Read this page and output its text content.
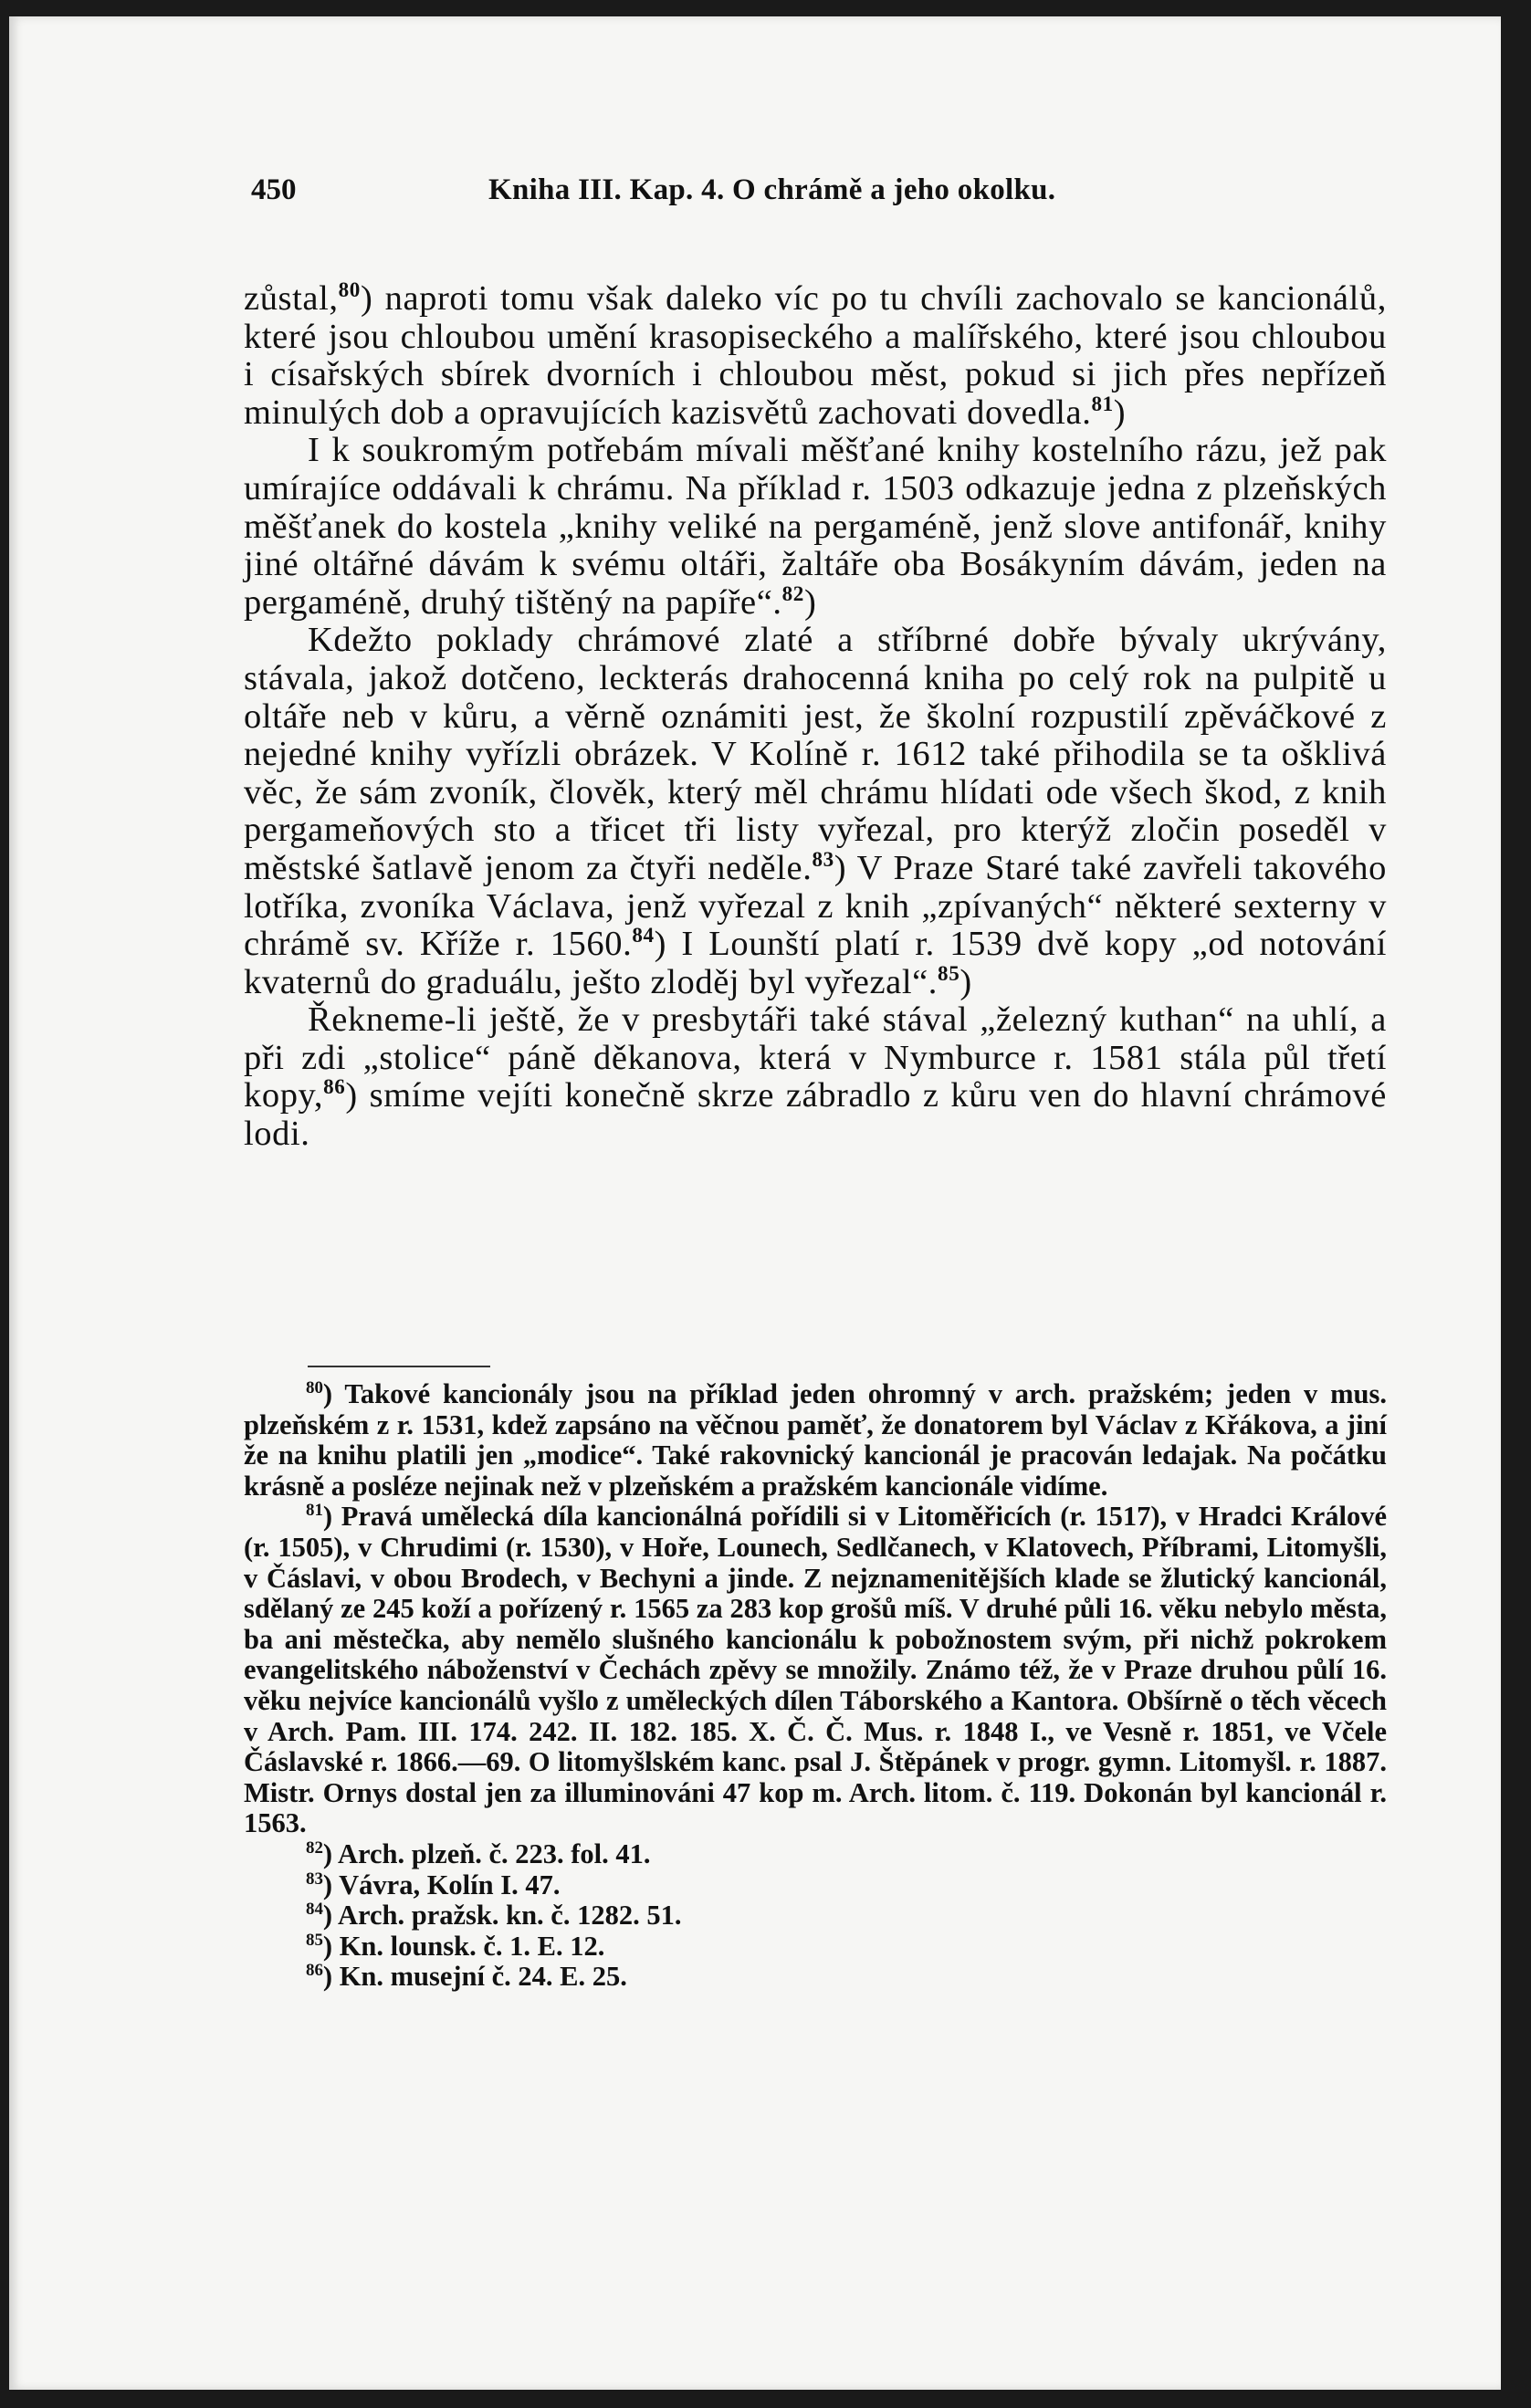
450	Kniha III. Kap. 4. O chrámě a jeho okolku.

zůstal,$^{80}$) naproti tomu však daleko víc po tu chvíli zachovalo se kancionálů, které jsou chloubou umění krasopiseckého a malířského, které jsou chloubou i císařských sbírek dvorních i chloubou měst, pokud si jich přes nepřízeň minulých dob a opravujících kazisvětů zachovati dovedla.$^{81}$)

I k soukromým potřebám mívali měšťané knihy kostelního rázu, jež pak umírajíce oddávali k chrámu. Na příklad r. 1503 odkazuje jedna z plzeňských měšťanek do kostela „knihy veliké na pergaméně, jenž slove antifonář, knihy jiné oltářné dávám k svému oltáři, žaltáře oba Bosákyním dávám, jeden na pergaméně, druhý tištěný na papíře“.$^{82}$)

Kdežto poklady chrámové zlaté a stříbrné dobře bývaly ukrývány, stávala, jakož dotčeno, leckterás drahocenná kniha po celý rok na pulpitě u oltáře neb v kůru, a věrně oznámiti jest, že školní rozpustilí zpěváčkové z nejedné knihy vyřízli obrázek. V Kolíně r. 1612 také přihodila se ta ošklivá věc, že sám zvoník, člověk, který měl chrámu hlídati ode všech škod, z knih pergameňových sto a třicet tři listy vyřezal, pro kterýž zločin poseděl v městské šatlavě jenom za čtyři neděle.$^{83}$) V Praze Staré také zavřeli takového lotříka, zvoníka Václava, jenž vyřezal z knih „zpívaných“ některé sexterny v chrámě sv. Kříže r. 1560.84) I Lounští platí r. 1539 dvě kopy „od notování kvaternů do graduálu, ješto zloděj byl vyřezal“.$^{85}$)

Řekneme-li ještě, že v presbytáři také stával „železný kuthan“ na uhlí, a při zdi „stolice“ páně děkanova, která v Nymburce r. 1581 stála půl třetí kopy,$^{86}$) smíme vejíti konečně skrze zábradlo z kůru ven do hlavní chrámové lodi.

$^{80}$) Takové kancionály jsou na příklad jeden ohromný v arch. pražském; jeden v mus. plzeňském z r. 1531, kdež zapsáno na věčnou paměť, že donatorem byl Václav z Křákova, a jiní že na knihu platili jen „modice“. Také rakovnický kancionál je pracován ledajak. Na počátku krásně a posléze nejinak než v plzeňském a pražském kancionále vidíme.

$^{81}$) Pravá umělecká díla kancionálná pořídili si v Litoměřicích (r. 1517), v Hradci Králové (r. 1505), v Chrudimi (r. 1530), v Hoře, Lounech, Sedlčanech, v Klatovech, Příbrami, Litomyšli, v Čáslavi, v obou Brodech, v Bechyni a jinde. Z nejznamenitějších klade se žlutický kancionál, sdělaný ze 245 koží a pořízený r. 1565 za 283 kop grošů míš. V druhé půli 16. věku nebylo města, ba ani městečka, aby nemělo slušného kancionálu k pobožnostem svým, při nichž pokrokem evangelitského náboženství v Čechách zpěvy se množily. Známo též, že v Praze druhou půlí 16. věku nejvíce kancionálů vyšlo z uměleckých dílen Táborského a Kantora. Obšírně o těch věcech v Arch. Pam. III. 174. 242. II. 182. 185. X. Č. Č. Mus. r. 1848 I., ve Vesně r. 1851, ve Včele Čáslavské r. 1866.—69. O litomyšlském kanc. psal J. Štěpánek v progr. gymn. Litomyšl. r. 1887. Mistr. Ornys dostal jen za illuminováni 47 kop m. Arch. litom. č. 119. Dokonán byl kancionál r. 1563.

$^{82}$) Arch. plzeň. č. 223. fol. 41.

$^{83}$) Vávra, Kolín I. 47.

$^{84}$) Arch. pražsk. kn. č. 1282. 51.

$^{85}$) Kn. lounsk. č. 1. E. 12.

$^{86}$) Kn. musejní č. 24. E. 25.
